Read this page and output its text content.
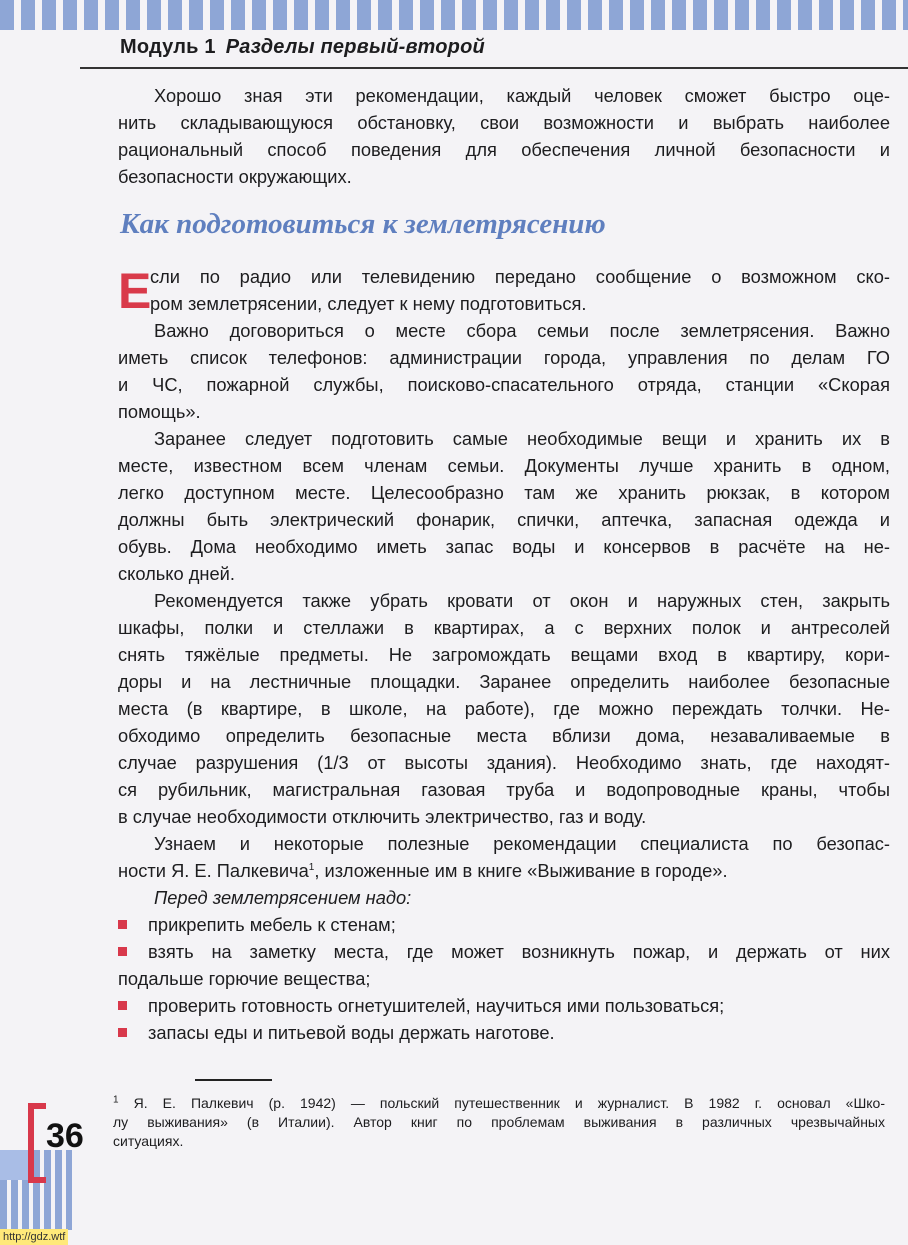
Модуль 1 Разделы первый-второй
Хорошо зная эти рекомендации, каждый человек сможет быстро оце-
нить складывающуюся обстановку, свои возможности и выбрать наиболее
рациональный способ поведения для обеспечения личной безопасности и
безопасности окружающих.
Как подготовиться к землетрясению
Е
сли по радио или телевидению передано сообщение о возможном ско-
ром землетрясении, следует к нему подготовиться.
Важно договориться о месте сбора семьи после землетрясения. Важно
иметь список телефонов: администрации города, управления по делам ГО
и ЧС, пожарной службы, поисково-спасательного отряда, станции «Скорая
помощь».
Заранее следует подготовить самые необходимые вещи и хранить их в
месте, известном всем членам семьи. Документы лучше хранить в одном,
легко доступном месте. Целесообразно там же хранить рюкзак, в котором
должны быть электрический фонарик, спички, аптечка, запасная одежда и
обувь. Дома необходимо иметь запас воды и консервов в расчёте на не-
сколько дней.
Рекомендуется также убрать кровати от окон и наружных стен, закрыть
шкафы, полки и стеллажи в квартирах, а с верхних полок и антресолей
снять тяжёлые предметы. Не загромождать вещами вход в квартиру, кори-
доры и на лестничные площадки. Заранее определить наиболее безопасные
места (в квартире, в школе, на работе), где можно переждать толчки. Не-
обходимо определить безопасные места вблизи дома, незаваливаемые в
случае разрушения (1/3 от высоты здания). Необходимо знать, где находят-
ся рубильник, магистральная газовая труба и водопроводные краны, чтобы
в случае необходимости отключить электричество, газ и воду.
Узнаем и некоторые полезные рекомендации специалиста по безопас-
ности Я. Е. Палкевича$^1$, изложенные им в книге «Выживание в городе».
Перед землетрясением надо:
прикрепить мебель к стенам;
взять на заметку места, где может возникнуть пожар, и держать от них
подальше горючие вещества;
проверить готовность огнетушителей, научиться ими пользоваться;
запасы еды и питьевой воды держать наготове.
$^1$ Я. Е. Палкевич (р. 1942) — польский путешественник и журналист. В 1982 г. основал «Шко-
лу выживания» (в Италии). Автор книг по проблемам выживания в различных чрезвычайных
ситуациях.
36
http://gdz.wtf
